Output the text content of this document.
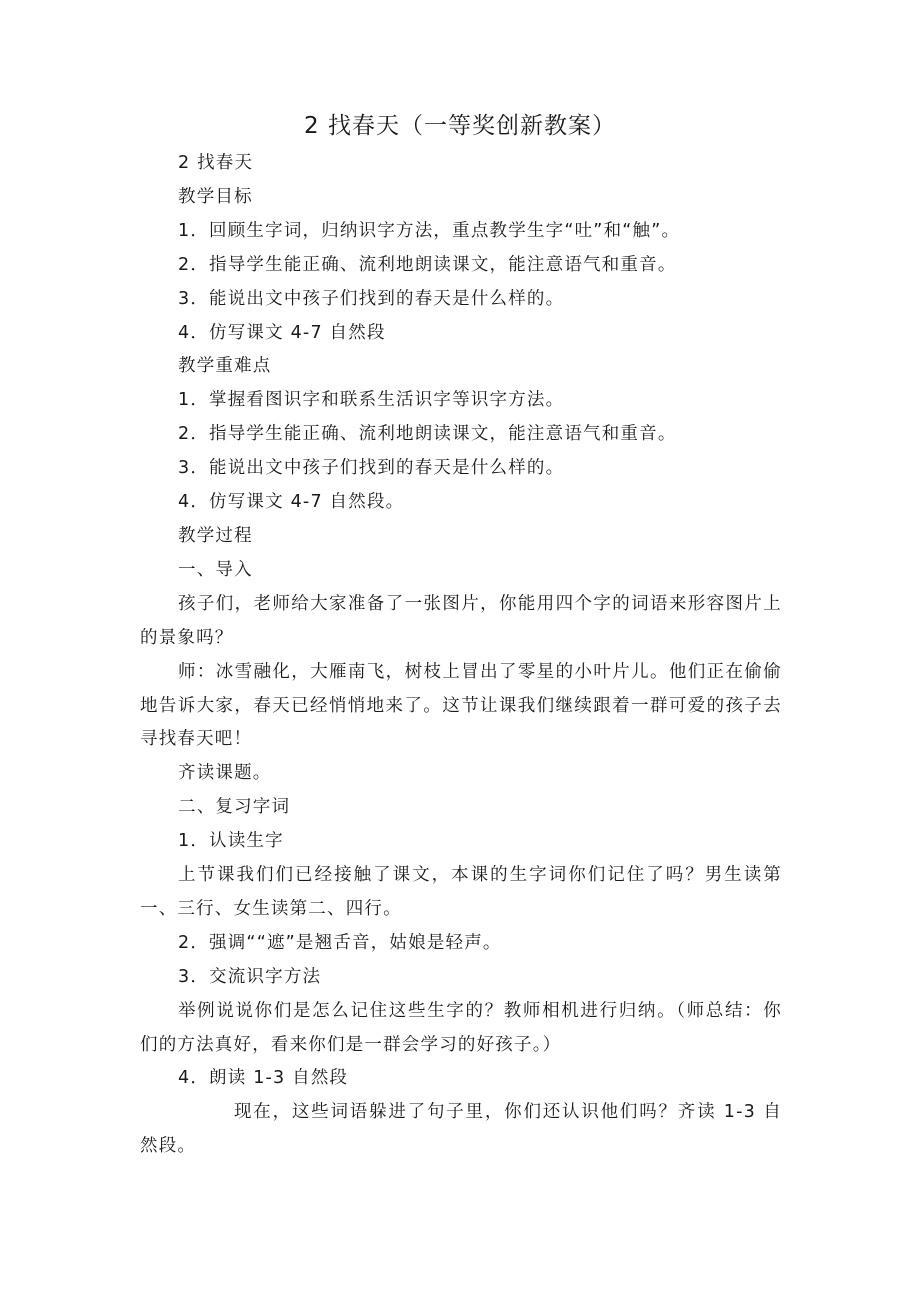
2 找春天（一等奖创新教案）

2 找春天

教学目标

1．回顾生字词，归纳识字方法，重点教学生字“吐”和“触”。

2．指导学生能正确、流利地朗读课文，能注意语气和重音。

3．能说出文中孩子们找到的春天是什么样的。

4．仿写课文 4-7 自然段

教学重难点

1．掌握看图识字和联系生活识字等识字方法。

2．指导学生能正确、流利地朗读课文，能注意语气和重音。

3．能说出文中孩子们找到的春天是什么样的。

4．仿写课文 4-7 自然段。

教学过程

一、导入

孩子们，老师给大家准备了一张图片，你能用四个字的词语来形容图片上的景象吗？

师：冰雪融化，大雁南飞，树枝上冒出了零星的小叶片儿。他们正在偷偷地告诉大家，春天已经悄悄地来了。这节让课我们继续跟着一群可爱的孩子去寻找春天吧！

齐读课题。

二、复习字词

1．认读生字

上节课我们们已经接触了课文，本课的生字词你们记住了吗？男生读第一、三行、女生读第二、四行。

2．强调““遮”是翘舌音，姑娘是轻声。

3．交流识字方法

举例说说你们是怎么记住这些生字的？教师相机进行归纳。（师总结：你们的方法真好，看来你们是一群会学习的好孩子。）

4．朗读 1-3 自然段

现在，这些词语躲进了句子里，你们还认识他们吗？齐读 1-3 自然段。
